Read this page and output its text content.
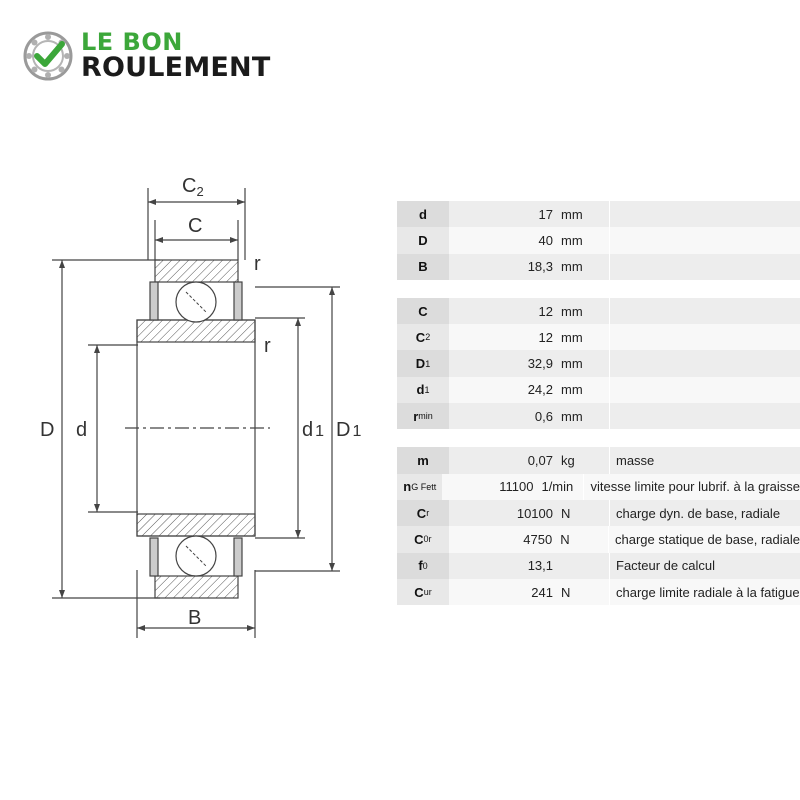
LE BON
ROULEMENT
$C_2$
C
r
r
D d	d 1 D 1
B
d	17 mm
D	40 mm
B	18,3 mm
C	12 mm
C 2	12 mm
D 1	32,9 mm
d 1	24,2 mm
r min	0,6 mm
m	0,07 kg	masse
n G Fett	11100 1/min	vitesse limite pour lubrif. à la graisse
C r	10100 N	charge dyn. de base, radiale
C 0r	4750 N	charge statique de base, radiale
f 0	13,1	Facteur de calcul
C ur	241 N	charge limite radiale à la fatigue
